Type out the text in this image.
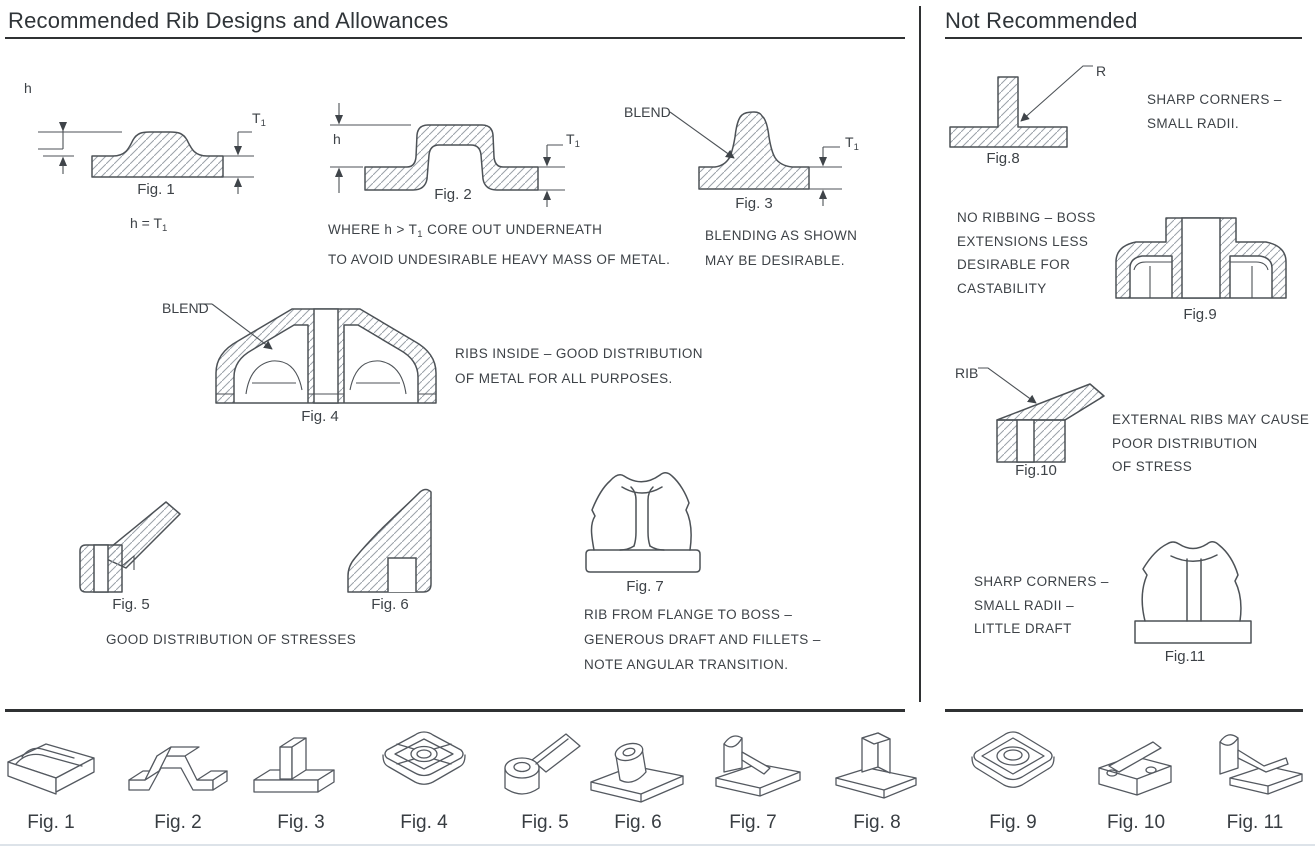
Recommended Rib Designs and Allowances	Not Recommended
h
$T_1$
Fig. 1
$h = T_1$
h	$T_1$
Fig. 2
WHERE $h > T_1$ CORE OUT UNDERNEATH
TO AVOID UNDESIRABLE HEAVY MASS OF METAL.
BLEND
$T_1$
Fig. 3
BLENDING AS SHOWN
MAY BE DESIRABLE.
BLEND
Fig. 4
RIBS INSIDE – GOOD DISTRIBUTION
OF METAL FOR ALL PURPOSES.
Fig. 5	Fig. 6
GOOD DISTRIBUTION OF STRESSES
Fig. 7
RIB FROM FLANGE TO BOSS –
GENEROUS DRAFT AND FILLETS –
NOTE ANGULAR TRANSITION.
R
Fig.8
SHARP CORNERS –
SMALL RADII.
Fig.9
NO RIBBING – BOSS
EXTENSIONS LESS
DESIRABLE FOR
CASTABILITY
RIB
Fig.10
EXTERNAL RIBS MAY CAUSE
POOR DISTRIBUTION
OF STRESS
Fig.11
SHARP CORNERS –
SMALL RADII –
LITTLE DRAFT
Fig. 1	Fig. 2	Fig. 3	Fig. 4	Fig. 5	Fig. 6	Fig. 7	Fig. 8	Fig. 9	Fig. 10	Fig. 11
